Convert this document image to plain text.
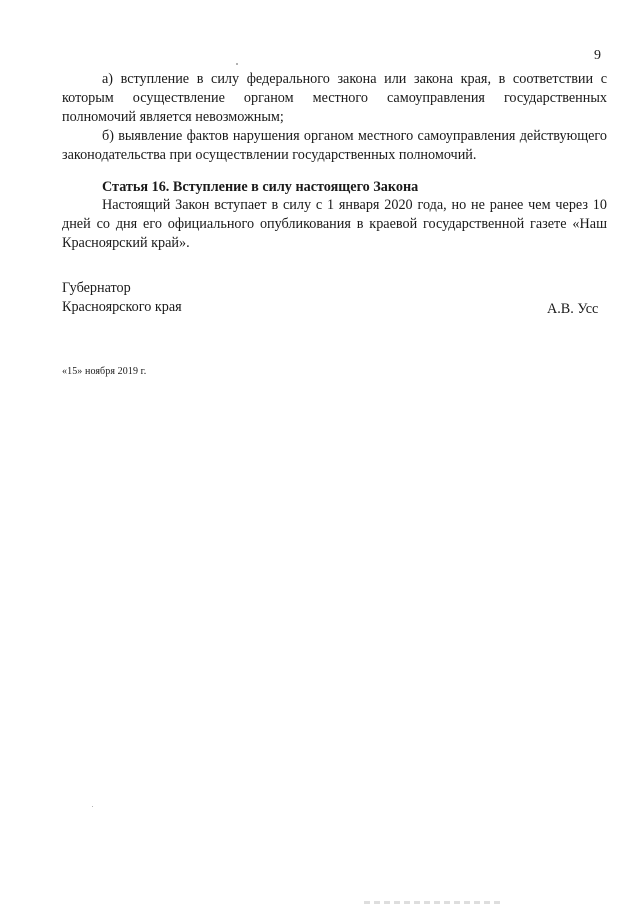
9

а) вступление в силу федерального закона или закона края, в соответствии с которым осуществление органом местного самоуправления государственных полномочий является невозможным;

б) выявление фактов нарушения органом местного самоуправления действующего законодательства при осуществлении государственных полномочий.

Статья 16. Вступление в силу настоящего Закона

Настоящий Закон вступает в силу с 1 января 2020 года, но не ранее чем через 10 дней со дня его официального опубликования в краевой государственной газете «Наш Красноярский край».

Губернатор
Красноярского края	А.В. Усс
«15» ноября 2019 г.
